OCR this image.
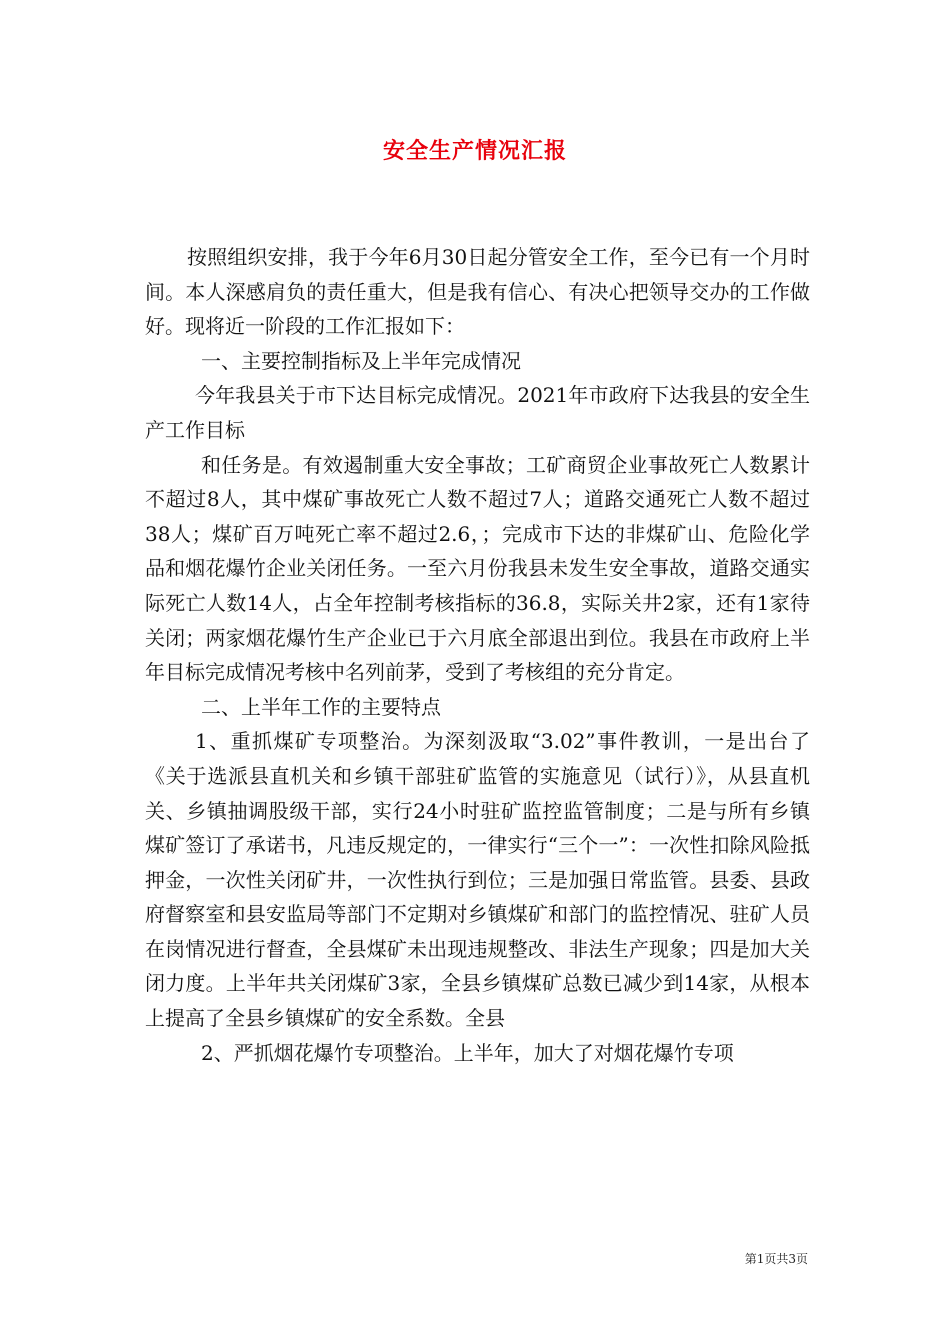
安全生产情况汇报

按照组织安排，我于今年6月30日起分管安全工作，至今已有一个月时间。本人深感肩负的责任重大，但是我有信心、有决心把领导交办的工作做好。现将近一阶段的工作汇报如下：

一、主要控制指标及上半年完成情况

今年我县关于市下达目标完成情况。2021年市政府下达我县的安全生产工作目标

和任务是。有效遏制重大安全事故；工矿商贸企业事故死亡人数累计不超过8人，其中煤矿事故死亡人数不超过7人；道路交通死亡人数不超过38人；煤矿百万吨死亡率不超过2.6，；完成市下达的非煤矿山、危险化学品和烟花爆竹企业关闭任务。一至六月份我县未发生安全事故，道路交通实际死亡人数14人，占全年控制考核指标的36.8，实际关井2家，还有1家待关闭；两家烟花爆竹生产企业已于六月底全部退出到位。我县在市政府上半年目标完成情况考核中名列前茅，受到了考核组的充分肯定。

二、上半年工作的主要特点

1、重抓煤矿专项整治。为深刻汲取“3.02”事件教训，一是出台了《关于选派县直机关和乡镇干部驻矿监管的实施意见（试行）》，从县直机关、乡镇抽调股级干部，实行24小时驻矿监控监管制度；二是与所有乡镇煤矿签订了承诺书，凡违反规定的，一律实行“三个一”：一次性扣除风险抵押金，一次性关闭矿井，一次性执行到位；三是加强日常监管。县委、县政府督察室和县安监局等部门不定期对乡镇煤矿和部门的监控情况、驻矿人员在岗情况进行督查，全县煤矿未出现违规整改、非法生产现象；四是加大关闭力度。上半年共关闭煤矿3家，全县乡镇煤矿总数已减少到14家，从根本上提高了全县乡镇煤矿的安全系数。全县

2、严抓烟花爆竹专项整治。上半年，加大了对烟花爆竹专项

第1页共3页
